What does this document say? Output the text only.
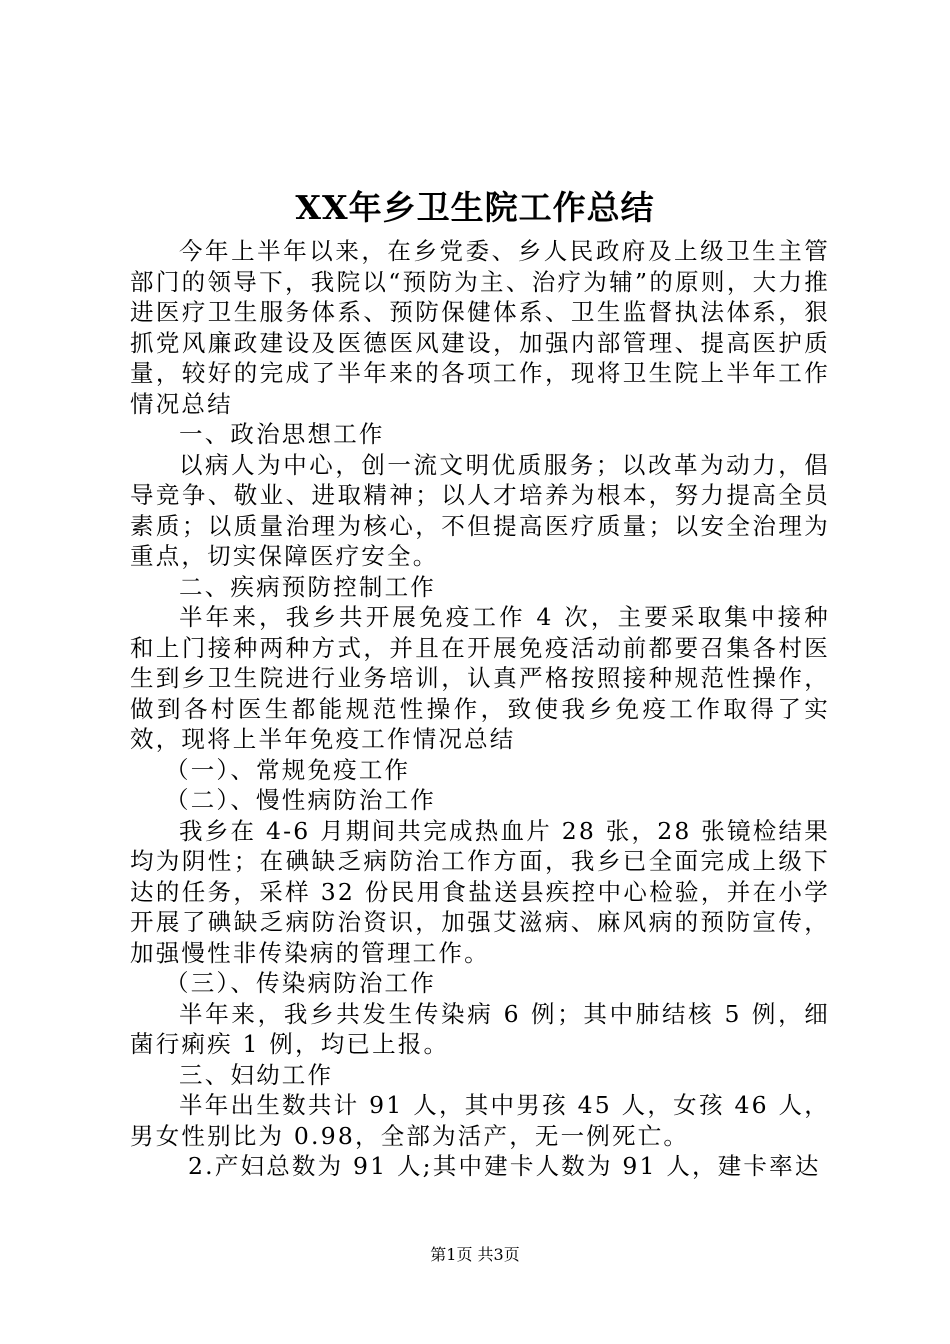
XX年乡卫生院工作总结

今年上半年以来，在乡党委、乡人民政府及上级卫生主管部门的领导下，我院以“预防为主、治疗为辅”的原则，大力推进医疗卫生服务体系、预防保健体系、卫生监督执法体系，狠抓党风廉政建设及医德医风建设，加强内部管理、提高医护质量，较好的完成了半年来的各项工作，现将卫生院上半年工作情况总结

一、政治思想工作

以病人为中心，创一流文明优质服务；以改革为动力，倡导竞争、敬业、进取精神；以人才培养为根本，努力提高全员素质；以质量治理为核心，不但提高医疗质量；以安全治理为重点，切实保障医疗安全。

二、疾病预防控制工作

半年来，我乡共开展免疫工作 4 次，主要采取集中接种和上门接种两种方式，并且在开展免疫活动前都要召集各村医生到乡卫生院进行业务培训，认真严格按照接种规范性操作，做到各村医生都能规范性操作，致使我乡免疫工作取得了实效，现将上半年免疫工作情况总结

（一）、常规免疫工作

（二）、慢性病防治工作

我乡在 4-6 月期间共完成热血片 28 张，28 张镜检结果均为阴性；在碘缺乏病防治工作方面，我乡已全面完成上级下达的任务，采样 32 份民用食盐送县疾控中心检验，并在小学开展了碘缺乏病防治资识，加强艾滋病、麻风病的预防宣传，加强慢性非传染病的管理工作。

（三）、传染病防治工作

半年来，我乡共发生传染病 6 例；其中肺结核 5 例，细菌行痢疾 1 例，均已上报。

三、妇幼工作

半年出生数共计 91 人，其中男孩 45 人，女孩 46 人，男女性别比为 0.98，全部为活产，无一例死亡。

2.产妇总数为 91 人;其中建卡人数为 91 人，建卡率达

第1页 共3页
